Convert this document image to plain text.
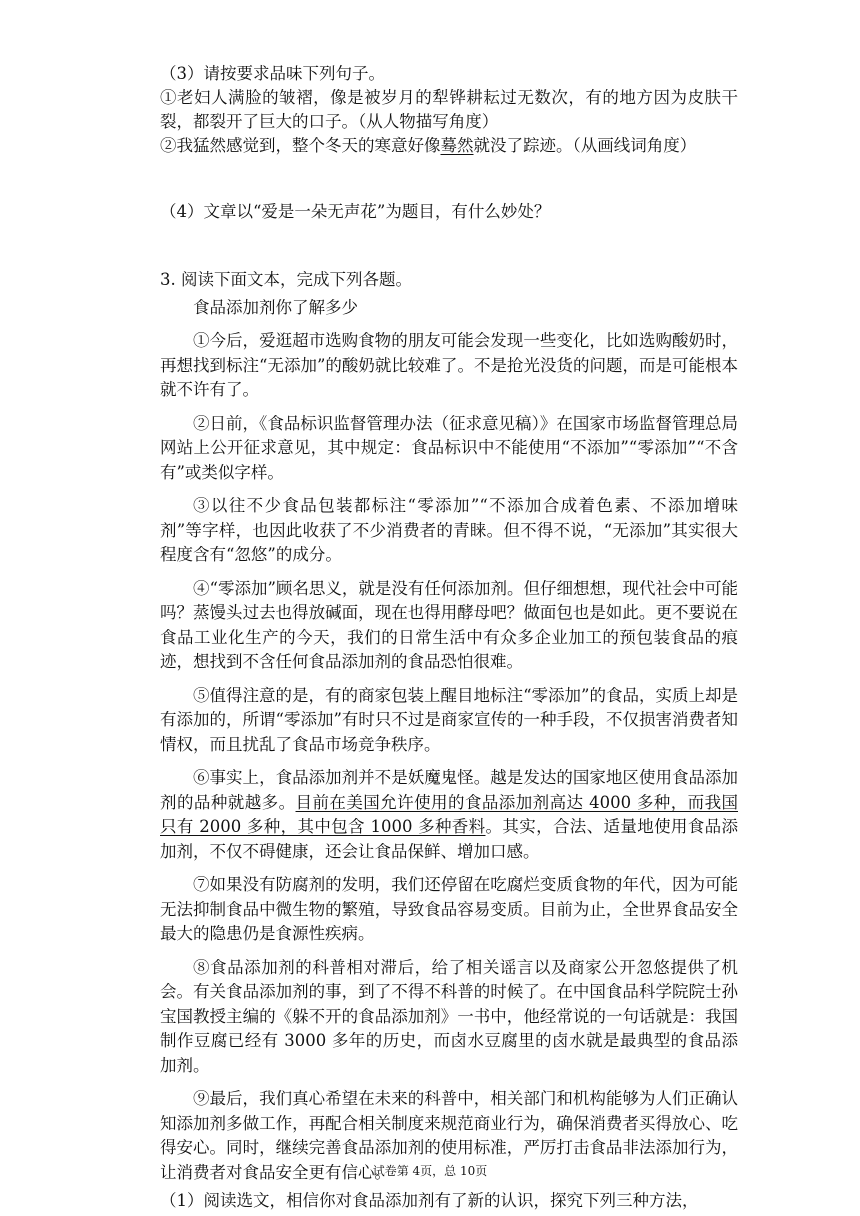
（3）请按要求品味下列句子。

①老妇人满脸的皱褶，像是被岁月的犁铧耕耘过无数次，有的地方因为皮肤干裂，都裂开了巨大的口子。（从人物描写角度）

②我猛然感觉到，整个冬天的寒意好像蓦然就没了踪迹。（从画线词角度）

（4）文章以“爱是一朵无声花”为题目，有什么妙处？

3. 阅读下面文本，完成下列各题。

食品添加剂你了解多少

①今后，爱逛超市选购食物的朋友可能会发现一些变化，比如选购酸奶时，再想找到标注“无添加”的酸奶就比较难了。不是抢光没货的问题，而是可能根本就不许有了。

②日前，《食品标识监督管理办法（征求意见稿）》在国家市场监督管理总局网站上公开征求意见，其中规定：食品标识中不能使用“不添加”“零添加”“不含有”或类似字样。

③以往不少食品包装都标注“零添加”“不添加合成着色素、不添加增味剂”等字样，也因此收获了不少消费者的青睐。但不得不说，“无添加”其实很大程度含有“忽悠”的成分。

④“零添加”顾名思义，就是没有任何添加剂。但仔细想想，现代社会中可能吗？蒸馒头过去也得放碱面，现在也得用酵母吧？做面包也是如此。更不要说在食品工业化生产的今天，我们的日常生活中有众多企业加工的预包装食品的痕迹，想找到不含任何食品添加剂的食品恐怕很难。

⑤值得注意的是，有的商家包装上醒目地标注“零添加”的食品，实质上却是有添加的，所谓“零添加”有时只不过是商家宣传的一种手段，不仅损害消费者知情权，而且扰乱了食品市场竞争秩序。

⑥事实上，食品添加剂并不是妖魔鬼怪。越是发达的国家地区使用食品添加剂的品种就越多。目前在美国允许使用的食品添加剂高达 4000 多种，而我国只有 2000 多种，其中包含 1000 多种香料。其实，合法、适量地使用食品添加剂，不仅不碍健康，还会让食品保鲜、增加口感。

⑦如果没有防腐剂的发明，我们还停留在吃腐烂变质食物的年代，因为可能无法抑制食品中微生物的繁殖，导致食品容易变质。目前为止，全世界食品安全最大的隐患仍是食源性疾病。

⑧食品添加剂的科普相对滞后，给了相关谣言以及商家公开忽悠提供了机会。有关食品添加剂的事，到了不得不科普的时候了。在中国食品科学院院士孙宝国教授主编的《躲不开的食品添加剂》一书中，他经常说的一句话就是：我国制作豆腐已经有 3000 多年的历史，而卤水豆腐里的卤水就是最典型的食品添加剂。

⑨最后，我们真心希望在未来的科普中，相关部门和机构能够为人们正确认知添加剂多做工作，再配合相关制度来规范商业行为，确保消费者买得放心、吃得安心。同时，继续完善食品添加剂的使用标准，严厉打击食品非法添加行为，让消费者对食品安全更有信心。

（1）阅读选文，相信你对食品添加剂有了新的认识，探究下列三种方法，

试卷第 4页，总 10页
